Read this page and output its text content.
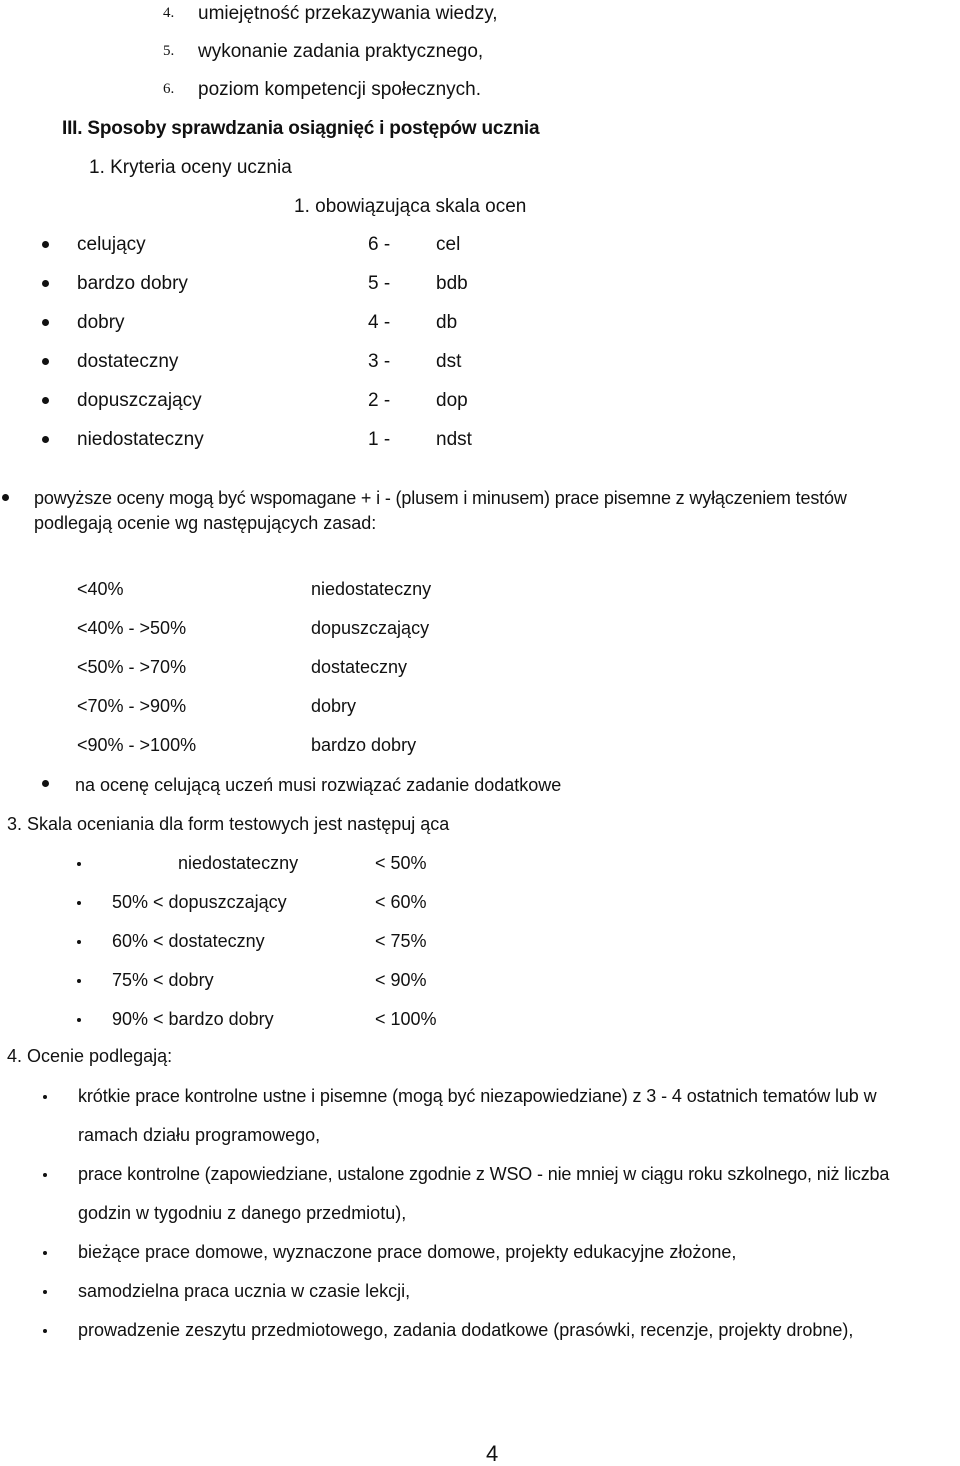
4. umiejętność przekazywania wiedzy,
5. wykonanie zadania praktycznego,
6. poziom kompetencji społecznych.
III. Sposoby sprawdzania osiągnięć i postępów ucznia
1. Kryteria oceny ucznia
1. obowiązująca skala ocen
celujący	6 - cel
bardzo dobry	5 - bdb
dobry	4 - db
dostateczny	3 - dst
dopuszczający	2 - dop
niedostateczny	1 - ndst
powyższe oceny mogą być wspomagane + i - (plusem i minusem) prace pisemne z wyłączeniem testów
podlegają ocenie wg następujących zasad:
<40%	niedostateczny
<40% - >50%	dopuszczający
<50% - >70%	dostateczny
<70% - >90%	dobry
<90% - >100%	bardzo dobry
na ocenę celującą uczeń musi rozwiązać zadanie dodatkowe
3. Skala oceniania dla form testowych jest następuj ąca
niedostateczny	< 50%
50% < dopuszczający	< 60%
60% < dostateczny	< 75%
75% < dobry	< 90%
90% < bardzo dobry	< 100%
4. Ocenie podlegają:
krótkie prace kontrolne ustne i pisemne (mogą być niezapowiedziane) z 3 - 4 ostatnich tematów lub w
ramach działu programowego,
prace kontrolne (zapowiedziane, ustalone zgodnie z WSO - nie mniej w ciągu roku szkolnego, niż liczba
godzin w tygodniu z danego przedmiotu),
bieżące prace domowe, wyznaczone prace domowe, projekty edukacyjne złożone,
samodzielna praca ucznia w czasie lekcji,
prowadzenie zeszytu przedmiotowego, zadania dodatkowe (prasówki, recenzje, projekty drobne),
4
